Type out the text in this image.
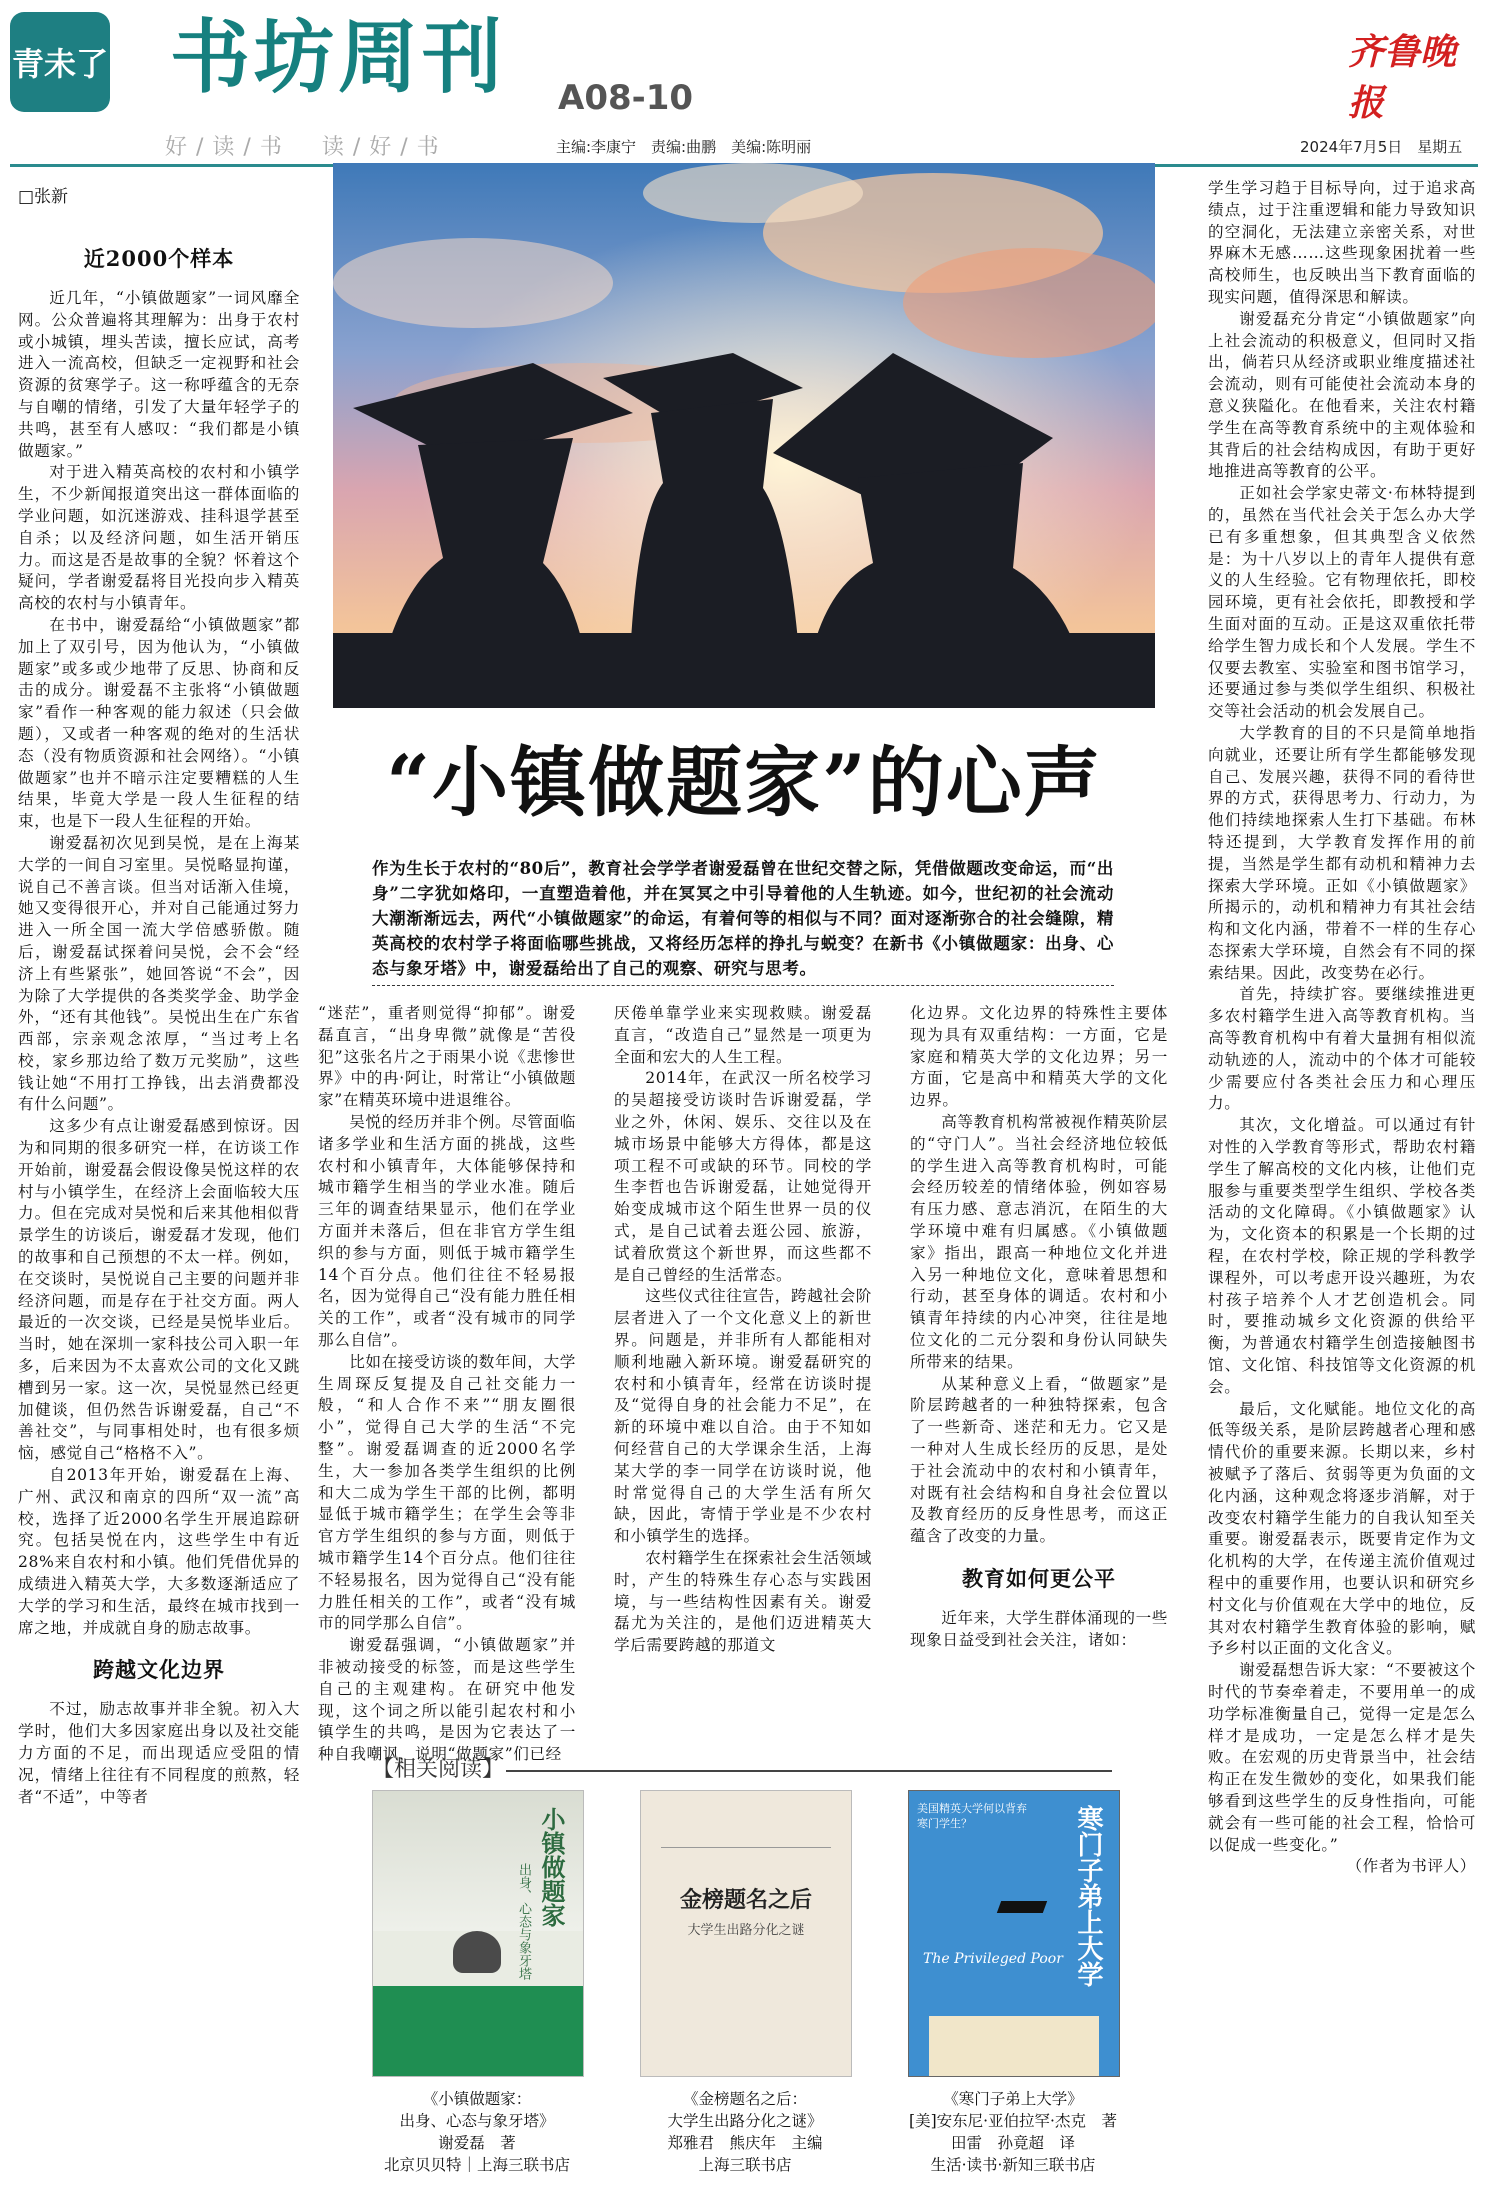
青未了 书坊周刊 A08-10
齐鲁晚报
好/读/书　读/好/书	主编:李康宁　责编:曲鹏　美编:陈明丽	2024年7月5日　星期五
□张新
“小镇做题家”的心声
作为生长于农村的“80后”，教育社会学学者谢爱磊曾在世纪交替之际，凭借做题改变命运，而“出身”二字犹如烙印，一直塑造着他，并在冥冥之中引导着他的人生轨迹。如今，世纪初的社会流动大潮渐渐远去，两代“小镇做题家”的命运，有着何等的相似与不同？面对逐渐弥合的社会缝隙，精英高校的农村学子将面临哪些挑战，又将经历怎样的挣扎与蜕变？在新书《小镇做题家：出身、心态与象牙塔》中，谢爱磊给出了自己的观察、研究与思考。
近2000个样本

近几年，“小镇做题家”一词风靡全网。公众普遍将其理解为：出身于农村或小城镇，埋头苦读，擅长应试，高考进入一流高校，但缺乏一定视野和社会资源的贫寒学子。这一称呼蕴含的无奈与自嘲的情绪，引发了大量年轻学子的共鸣，甚至有人感叹：“我们都是小镇做题家。”

对于进入精英高校的农村和小镇学生，不少新闻报道突出这一群体面临的学业问题，如沉迷游戏、挂科退学甚至自杀；以及经济问题，如生活开销压力。而这是否是故事的全貌？怀着这个疑问，学者谢爱磊将目光投向步入精英高校的农村与小镇青年。

在书中，谢爱磊给“小镇做题家”都加上了双引号，因为他认为，“小镇做题家”或多或少地带了反思、协商和反击的成分。谢爱磊不主张将“小镇做题家”看作一种客观的能力叙述（只会做题），又或者一种客观的绝对的生活状态（没有物质资源和社会网络）。“小镇做题家”也并不暗示注定要糟糕的人生结果，毕竟大学是一段人生征程的结束，也是下一段人生征程的开始。

谢爱磊初次见到吴悦，是在上海某大学的一间自习室里。吴悦略显拘谨，说自己不善言谈。但当对话渐入佳境，她又变得很开心，并对自己能通过努力进入一所全国一流大学倍感骄傲。随后，谢爱磊试探着问吴悦，会不会“经济上有些紧张”，她回答说“不会”，因为除了大学提供的各类奖学金、助学金外，“还有其他钱”。吴悦出生在广东省西部，宗亲观念浓厚，“当过考上名校，家乡那边给了数万元奖励”，这些钱让她“不用打工挣钱，出去消费都没有什么问题”。

这多少有点让谢爱磊感到惊讶。因为和同期的很多研究一样，在访谈工作开始前，谢爱磊会假设像吴悦这样的农村与小镇学生，在经济上会面临较大压力。但在完成对吴悦和后来其他相似背景学生的访谈后，谢爱磊才发现，他们的故事和自己预想的不太一样。例如，在交谈时，吴悦说自己主要的问题并非经济问题，而是存在于社交方面。两人最近的一次交谈，已经是吴悦毕业后。当时，她在深圳一家科技公司入职一年多，后来因为不太喜欢公司的文化又跳槽到另一家。这一次，吴悦显然已经更加健谈，但仍然告诉谢爱磊，自己“不善社交”，与同事相处时，也有很多烦恼，感觉自己“格格不入”。

自2013年开始，谢爱磊在上海、广州、武汉和南京的四所“双一流”高校，选择了近2000名学生开展追踪研究。包括吴悦在内，这些学生中有近28%来自农村和小镇。他们凭借优异的成绩进入精英大学，大多数逐渐适应了大学的学习和生活，最终在城市找到一席之地，并成就自身的励志故事。

跨越文化边界

不过，励志故事并非全貌。初入大学时，他们大多因家庭出身以及社交能力方面的不足，而出现适应受阻的情况，情绪上往往有不同程度的煎熬，轻者“不适”，中等者

“迷茫”，重者则觉得“抑郁”。谢爱磊直言，“出身卑微”就像是“苦役犯”这张名片之于雨果小说《悲惨世界》中的冉·阿让，时常让“小镇做题家”在精英环境中进退维谷。

吴悦的经历并非个例。尽管面临诸多学业和生活方面的挑战，这些农村和小镇青年，大体能够保持和城市籍学生相当的学业水准。随后三年的调查结果显示，他们在学业方面并未落后，但在非官方学生组织的参与方面，则低于城市籍学生14个百分点。他们往往不轻易报名，因为觉得自己“没有能力胜任相关的工作”，或者“没有城市的同学那么自信”。

比如在接受访谈的数年间，大学生周琛反复提及自己社交能力一般，“和人合作不来”“朋友圈很小”，觉得自己大学的生活“不完整”。谢爱磊调查的近2000名学生，大一参加各类学生组织的比例和大二成为学生干部的比例，都明显低于城市籍学生；在学生会等非官方学生组织的参与方面，则低于城市籍学生14个百分点。他们往往不轻易报名，因为觉得自己“没有能力胜任相关的工作”，或者“没有城市的同学那么自信”。

谢爱磊强调，“小镇做题家”并非被动接受的标签，而是这些学生自己的主观建构。在研究中他发现，这个词之所以能引起农村和小镇学生的共鸣，是因为它表达了一种自我嘲讽，说明“做题家”们已经

厌倦单靠学业来实现救赎。谢爱磊直言，“改造自己”显然是一项更为全面和宏大的人生工程。

2014年，在武汉一所名校学习的吴超接受访谈时告诉谢爱磊，学业之外，休闲、娱乐、交往以及在城市场景中能够大方得体，都是这项工程不可或缺的环节。同校的学生李哲也告诉谢爱磊，让她觉得开始变成城市这个陌生世界一员的仪式，是自己试着去逛公园、旅游，试着欣赏这个新世界，而这些都不是自己曾经的生活常态。

这些仪式往往宣告，跨越社会阶层者进入了一个文化意义上的新世界。问题是，并非所有人都能相对顺利地融入新环境。谢爱磊研究的农村和小镇青年，经常在访谈时提及“觉得自身的社会能力不足”，在新的环境中难以自洽。由于不知如何经营自己的大学课余生活，上海某大学的李一同学在访谈时说，他时常觉得自己的大学生活有所欠缺，因此，寄情于学业是不少农村和小镇学生的选择。

农村籍学生在探索社会生活领域时，产生的特殊生存心态与实践困境，与一些结构性因素有关。谢爱磊尤为关注的，是他们迈进精英大学后需要跨越的那道文

化边界。文化边界的特殊性主要体现为具有双重结构：一方面，它是家庭和精英大学的文化边界；另一方面，它是高中和精英大学的文化边界。

高等教育机构常被视作精英阶层的“守门人”。当社会经济地位较低的学生进入高等教育机构时，可能会经历较差的情绪体验，例如容易有压力感、意志消沉，在陌生的大学环境中难有归属感。《小镇做题家》指出，跟高一种地位文化并进入另一种地位文化，意味着思想和行动，甚至身体的调适。农村和小镇青年持续的内心冲突，往往是地位文化的二元分裂和身份认同缺失所带来的结果。

从某种意义上看，“做题家”是阶层跨越者的一种独特探索，包含了一些新奇、迷茫和无力。它又是一种对人生成长经历的反思，是处于社会流动中的农村和小镇青年，对既有社会结构和自身社会位置以及教育经历的反身性思考，而这正蕴含了改变的力量。

教育如何更公平

近年来，大学生群体涌现的一些现象日益受到社会关注，诸如：

学生学习趋于目标导向，过于追求高绩点，过于注重逻辑和能力导致知识的空洞化，无法建立亲密关系，对世界麻木无感……这些现象困扰着一些高校师生，也反映出当下教育面临的现实问题，值得深思和解读。

谢爱磊充分肯定“小镇做题家”向上社会流动的积极意义，但同时又指出，倘若只从经济或职业维度描述社会流动，则有可能使社会流动本身的意义狭隘化。在他看来，关注农村籍学生在高等教育系统中的主观体验和其背后的社会结构成因，有助于更好地推进高等教育的公平。

正如社会学家史蒂文·布林特提到的，虽然在当代社会关于怎么办大学已有多重想象，但其典型含义依然是：为十八岁以上的青年人提供有意义的人生经验。它有物理依托，即校园环境，更有社会依托，即教授和学生面对面的互动。正是这双重依托带给学生智力成长和个人发展。学生不仅要去教室、实验室和图书馆学习，还要通过参与类似学生组织、积极社交等社会活动的机会发展自己。

大学教育的目的不只是简单地指向就业，还要让所有学生都能够发现自己、发展兴趣，获得不同的看待世界的方式，获得思考力、行动力，为他们持续地探索人生打下基础。布林特还提到，大学教育发挥作用的前提，当然是学生都有动机和精神力去探索大学环境。正如《小镇做题家》所揭示的，动机和精神力有其社会结构和文化内涵，带着不一样的生存心态探索大学环境，自然会有不同的探索结果。因此，改变势在必行。

首先，持续扩容。要继续推进更多农村籍学生进入高等教育机构。当高等教育机构中有着大量拥有相似流动轨迹的人，流动中的个体才可能较少需要应付各类社会压力和心理压力。

其次，文化增益。可以通过有针对性的入学教育等形式，帮助农村籍学生了解高校的文化内核，让他们克服参与重要类型学生组织、学校各类活动的文化障碍。《小镇做题家》认为，文化资本的积累是一个长期的过程，在农村学校，除正规的学科教学课程外，可以考虑开设兴趣班，为农村孩子培养个人才艺创造机会。同时，要推动城乡文化资源的供给平衡，为普通农村籍学生创造接触图书馆、文化馆、科技馆等文化资源的机会。

最后，文化赋能。地位文化的高低等级关系，是阶层跨越者心理和感情代价的重要来源。长期以来，乡村被赋予了落后、贫弱等更为负面的文化内涵，这种观念将逐步消解，对于改变农村籍学生能力的自我认知至关重要。谢爱磊表示，既要肯定作为文化机构的大学，在传递主流价值观过程中的重要作用，也要认识和研究乡村文化与价值观在大学中的地位，反其对农村籍学生教育体验的影响，赋予乡村以正面的文化含义。

谢爱磊想告诉大家：“不要被这个时代的节奏牵着走，不要用单一的成功学标准衡量自己，觉得一定是怎么样才是成功，一定是怎么样才是失败。在宏观的历史背景当中，社会结构正在发生微妙的变化，如果我们能够看到这些学生的反身性指向，可能就会有一些可能的社会工程，恰恰可以促成一些变化。”

（作者为书评人）

【相关阅读】
小镇做题家
出身、心态与象牙塔
《小镇做题家：
出身、心态与象牙塔》
谢爱磊　著
北京贝贝特｜上海三联书店
金榜题名之后
大学生出路分化之谜
《金榜题名之后：
大学生出路分化之谜》
郑雅君　熊庆年　主编
上海三联书店
美国精英大学何以背弃寒门学生？	寒门子弟上大学
The Privileged Poor
《寒门子弟上大学》
[美]安东尼·亚伯拉罕·杰克　著
田雷　孙竟超　译
生活·读书·新知三联书店
